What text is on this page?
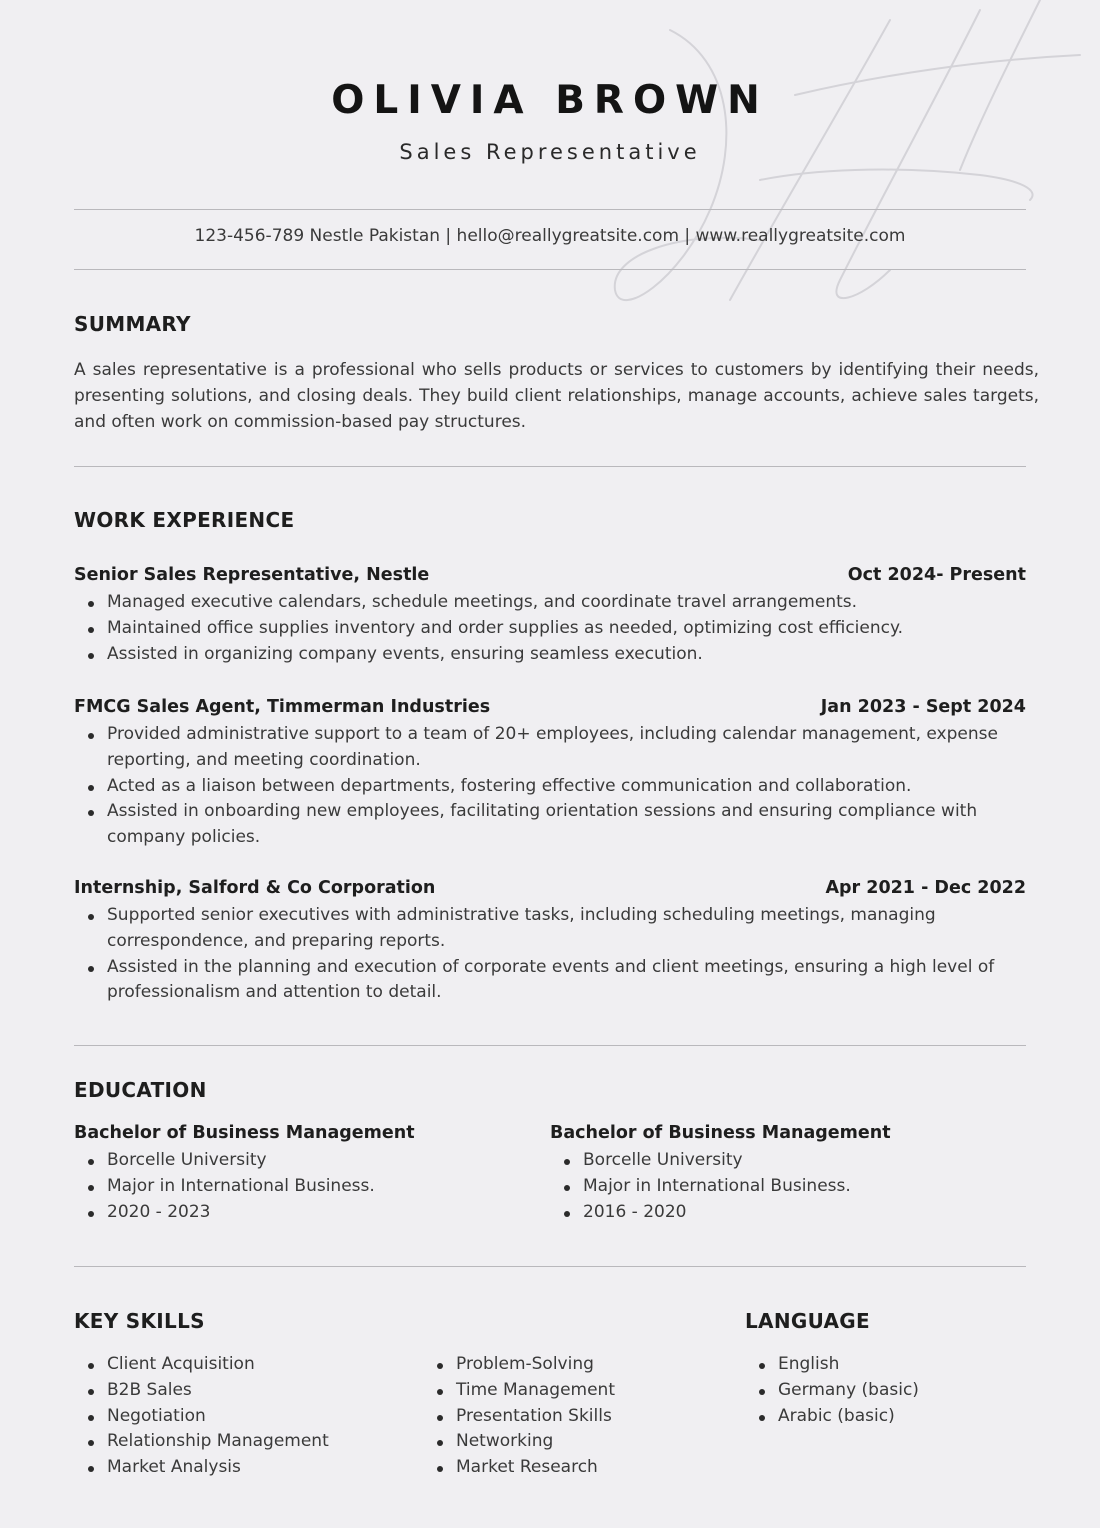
OLIVIA BROWN
Sales Representative
123-456-789 Nestle Pakistan | hello@reallygreatsite.com | www.reallygreatsite.com
SUMMARY

A sales representative is a professional who sells products or services to customers by identifying their needs, presenting solutions, and closing deals. They build client relationships, manage accounts, achieve sales targets, and often work on commission-based pay structures.

WORK EXPERIENCE
Senior Sales Representative, Nestle	Oct 2024- Present
Managed executive calendars, schedule meetings, and coordinate travel arrangements.
Maintained office supplies inventory and order supplies as needed, optimizing cost efficiency.
Assisted in organizing company events, ensuring seamless execution.
FMCG Sales Agent, Timmerman Industries	Jan 2023 - Sept 2024
Provided administrative support to a team of 20+ employees, including calendar management, expense reporting, and meeting coordination.
Acted as a liaison between departments, fostering effective communication and collaboration.
Assisted in onboarding new employees, facilitating orientation sessions and ensuring compliance with company policies.
Internship, Salford & Co Corporation	Apr 2021 - Dec 2022
Supported senior executives with administrative tasks, including scheduling meetings, managing correspondence, and preparing reports.
Assisted in the planning and execution of corporate events and client meetings, ensuring a high level of professionalism and attention to detail.
EDUCATION
Bachelor of Business Management
Borcelle University
Major in International Business.
2020 - 2023
Bachelor of Business Management
Borcelle University
Major in International Business.
2016 - 2020
KEY SKILLS	LANGUAGE
Client Acquisition
B2B Sales
Negotiation
Relationship Management
Market Analysis
Problem-Solving
Time Management
Presentation Skills
Networking
Market Research
English
Germany (basic)
Arabic (basic)
